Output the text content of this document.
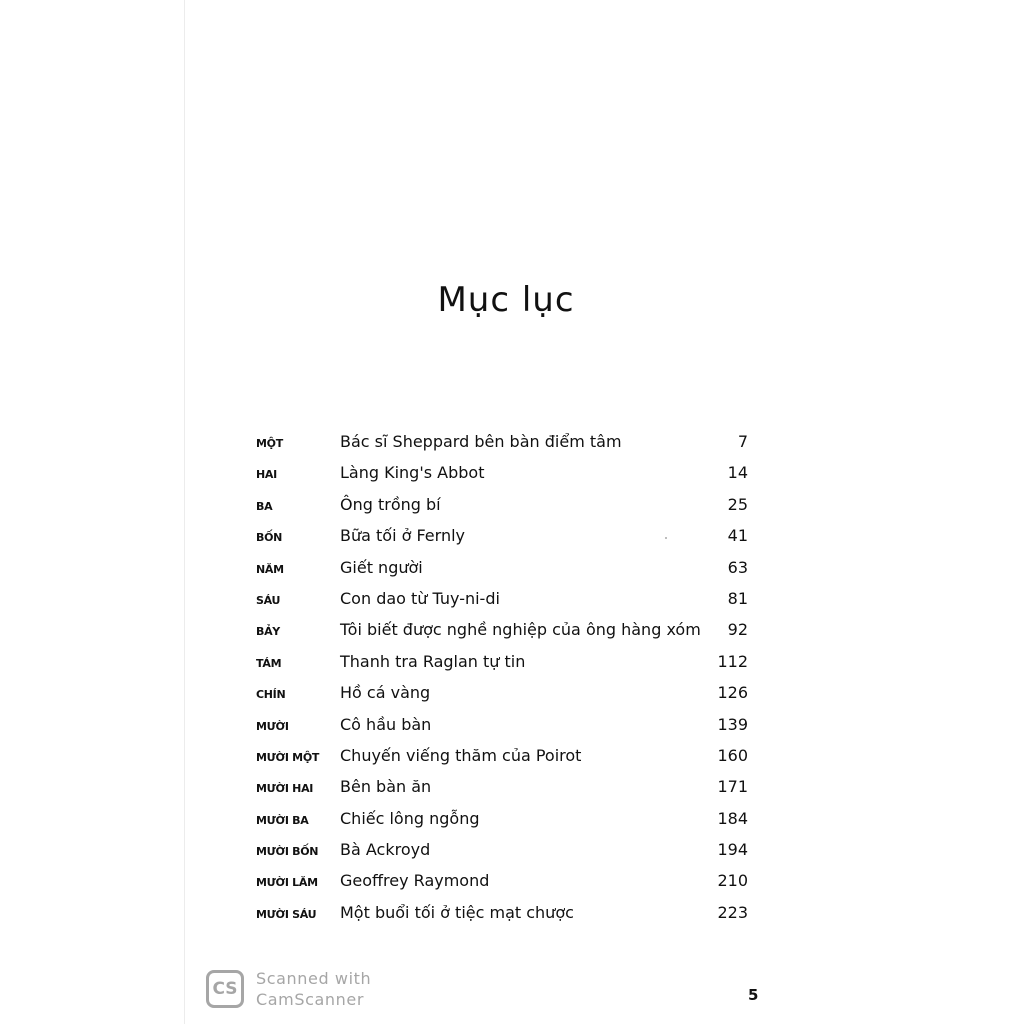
Mục lục
MỘT	Bác sĩ Sheppard bên bàn điểm tâm	7
HAI	Làng King's Abbot	14
BA	Ông trồng bí	25
BỐN	Bữa tối ở Fernly	41
NĂM	Giết người	63
SÁU	Con dao từ Tuy-ni-di	81
BẢY	Tôi biết được nghề nghiệp của ông hàng xóm 92
TÁM	Thanh tra Raglan tự tin	112
CHÍN	Hồ cá vàng	126
MƯỜI	Cô hầu bàn	139
MƯỜI MỘT Chuyến viếng thăm của Poirot	160
MƯỜI HAI Bên bàn ăn	171
MƯỜI BA Chiếc lông ngỗng	184
MƯỜI BỐN Bà Ackroyd	194
MƯỜI LĂM Geoffrey Raymond	210
MƯỜI SÁU Một buổi tối ở tiệc mạt chược	223
CS
Scanned with
CamScanner	5
